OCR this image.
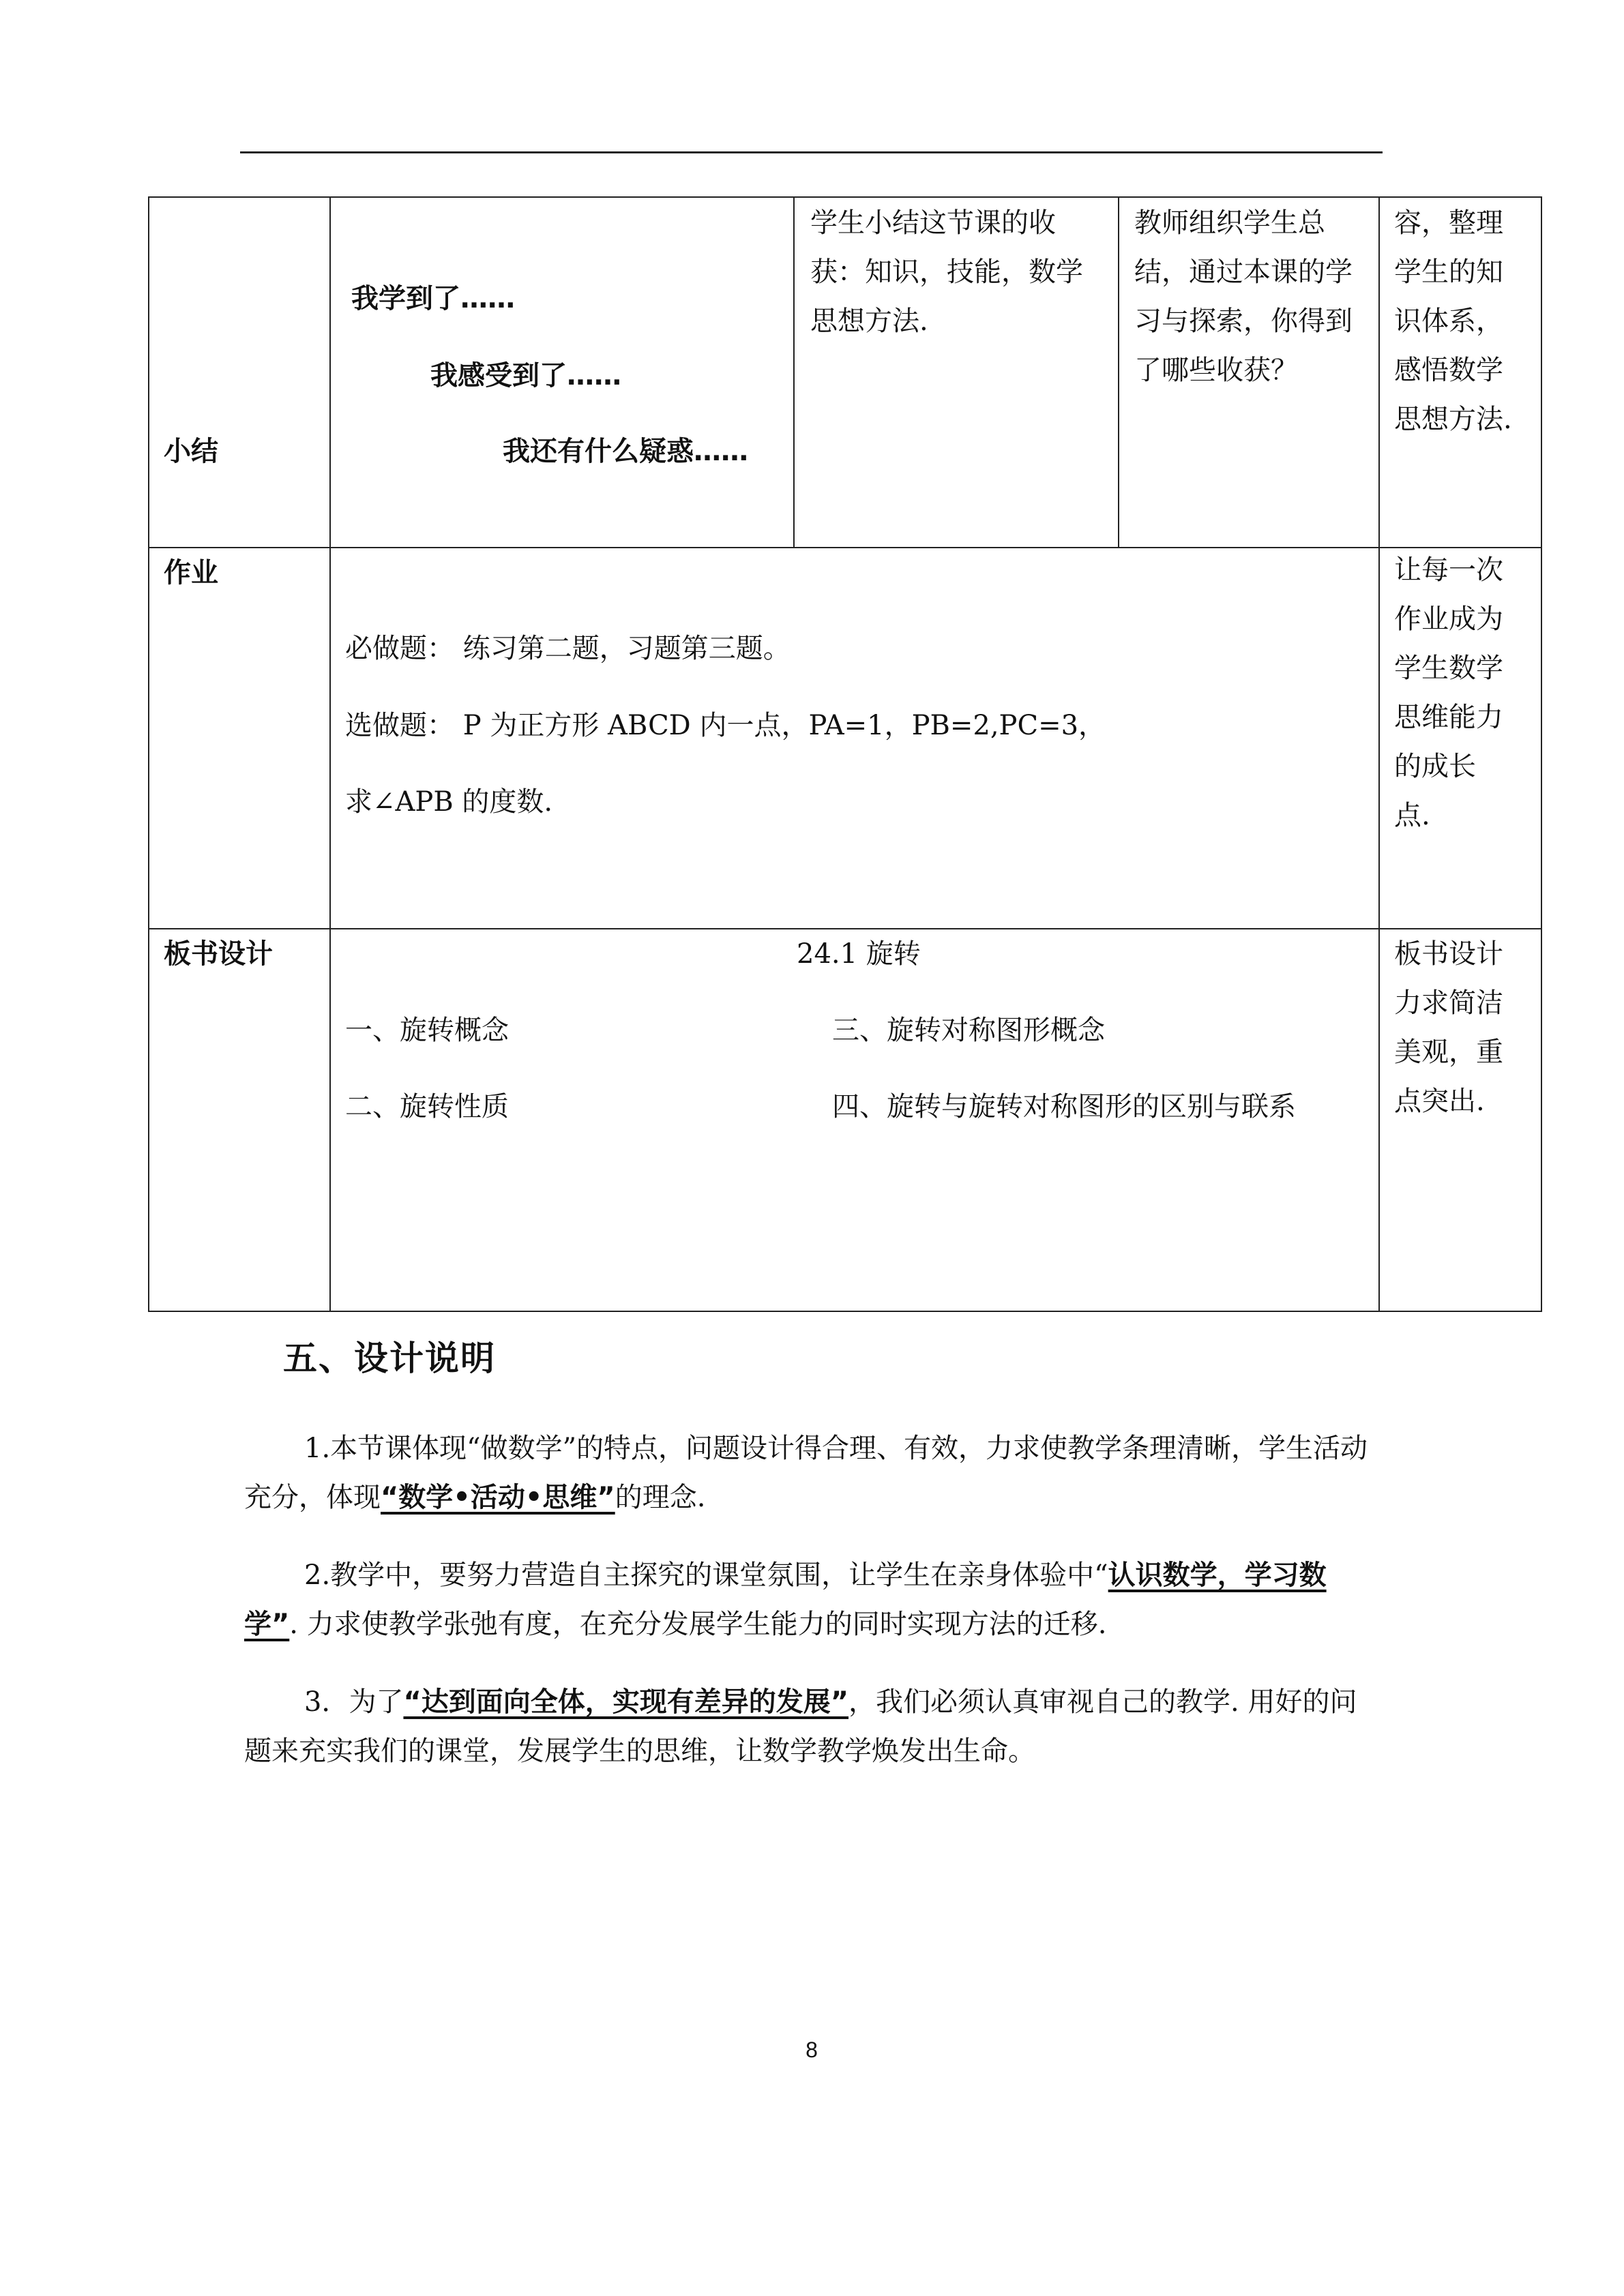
小结
我学到了……
我感受到了……
我还有什么疑惑……
学生小结这节课的收
获：知识，技能，数学
思想方法.
教师组织学生总
结，通过本课的学
习与探索，你得到
了哪些收获？
容，整理
学生的知
识体系，
感悟数学
思想方法.
作业
必做题： 练习第二题，习题第三题。
选做题： P 为正方形 ABCD 内一点，PA=1，PB=2,PC=3，
求∠APB 的度数.
让每一次
作业成为
学生数学
思维能力
的成长
点.
板书设计	24.1 旋转
一、旋转概念
二、旋转性质
三、旋转对称图形概念
四、旋转与旋转对称图形的区别与联系
板书设计
力求简洁
美观，重
点突出.
五、设计说明
1.本节课体现“做数学”的特点，问题设计得合理、有效，力求使教学条理清晰，学生活动充分，体现“数学•活动•思维”的理念.
2.教学中，要努力营造自主探究的课堂氛围，让学生在亲身体验中“认识数学，学习数学”. 力求使教学张弛有度，在充分发展学生能力的同时实现方法的迁移.
3．为了“达到面向全体，实现有差异的发展”，我们必须认真审视自己的教学. 用好的问题来充实我们的课堂，发展学生的思维，让数学教学焕发出生命。
8
